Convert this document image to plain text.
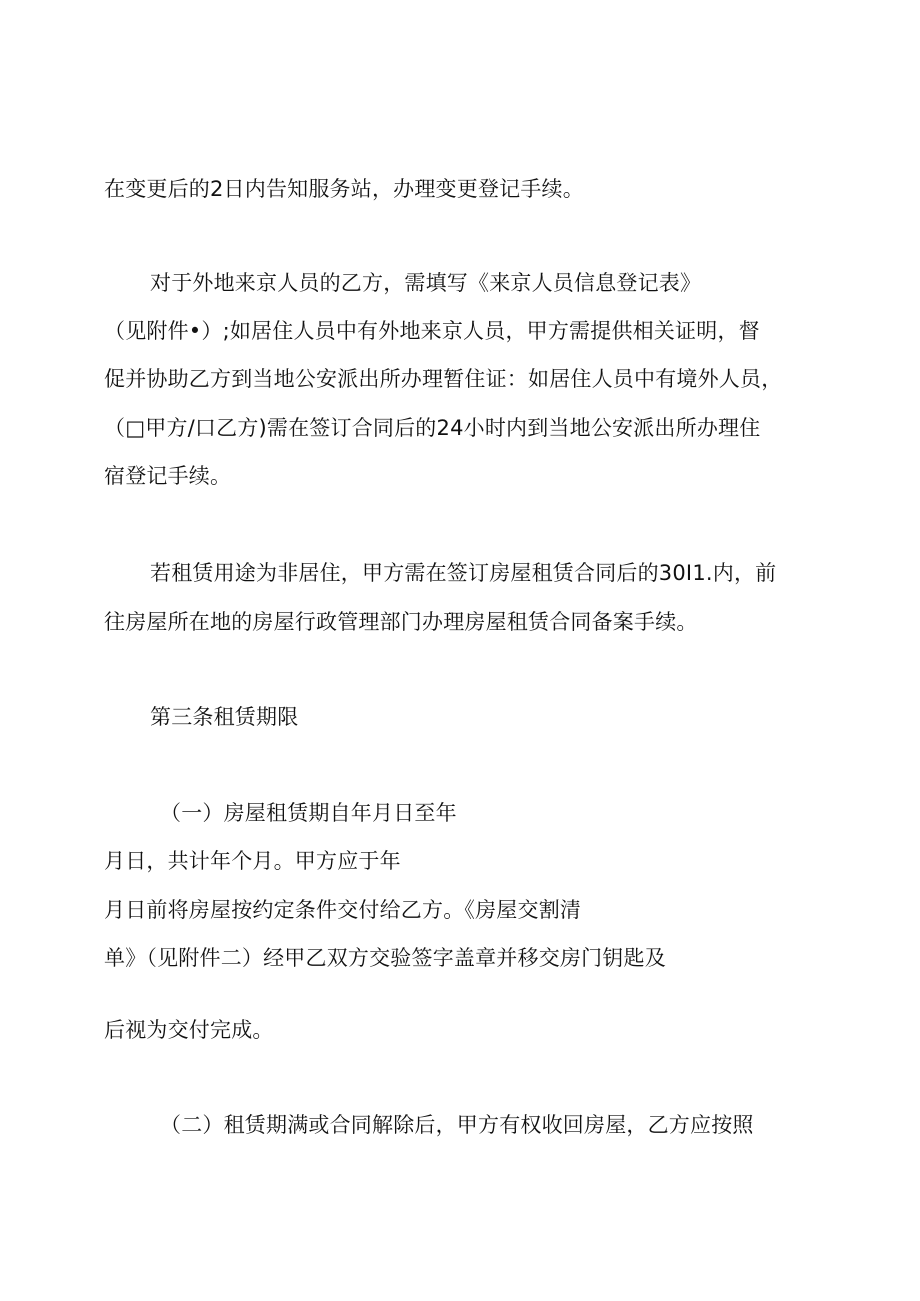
在变更后的2日内告知服务站，办理变更登记手续。

对于外地来京人员的乙方，需填写《来京人员信息登记表》

（见附件•）;如居住人员中有外地来京人员，甲方需提供相关证明，督

促并协助乙方到当地公安派出所办理暂住证：如居住人员中有境外人员，

（□甲方/口乙方)需在签订合同后的24小时内到当地公安派出所办理住

宿登记手续。

若租赁用途为非居住，甲方需在签订房屋租赁合同后的30I1.内，前

往房屋所在地的房屋行政管理部门办理房屋租赁合同备案手续。

第三条租赁期限

（一）房屋租赁期自年月日至年

月日，共计年个月。甲方应于年

月日前将房屋按约定条件交付给乙方。《房屋交割清

单》（见附件二）经甲乙双方交验签字盖章并移交房门钥匙及

后视为交付完成。

（二）租赁期满或合同解除后，甲方有权收回房屋，乙方应按照
